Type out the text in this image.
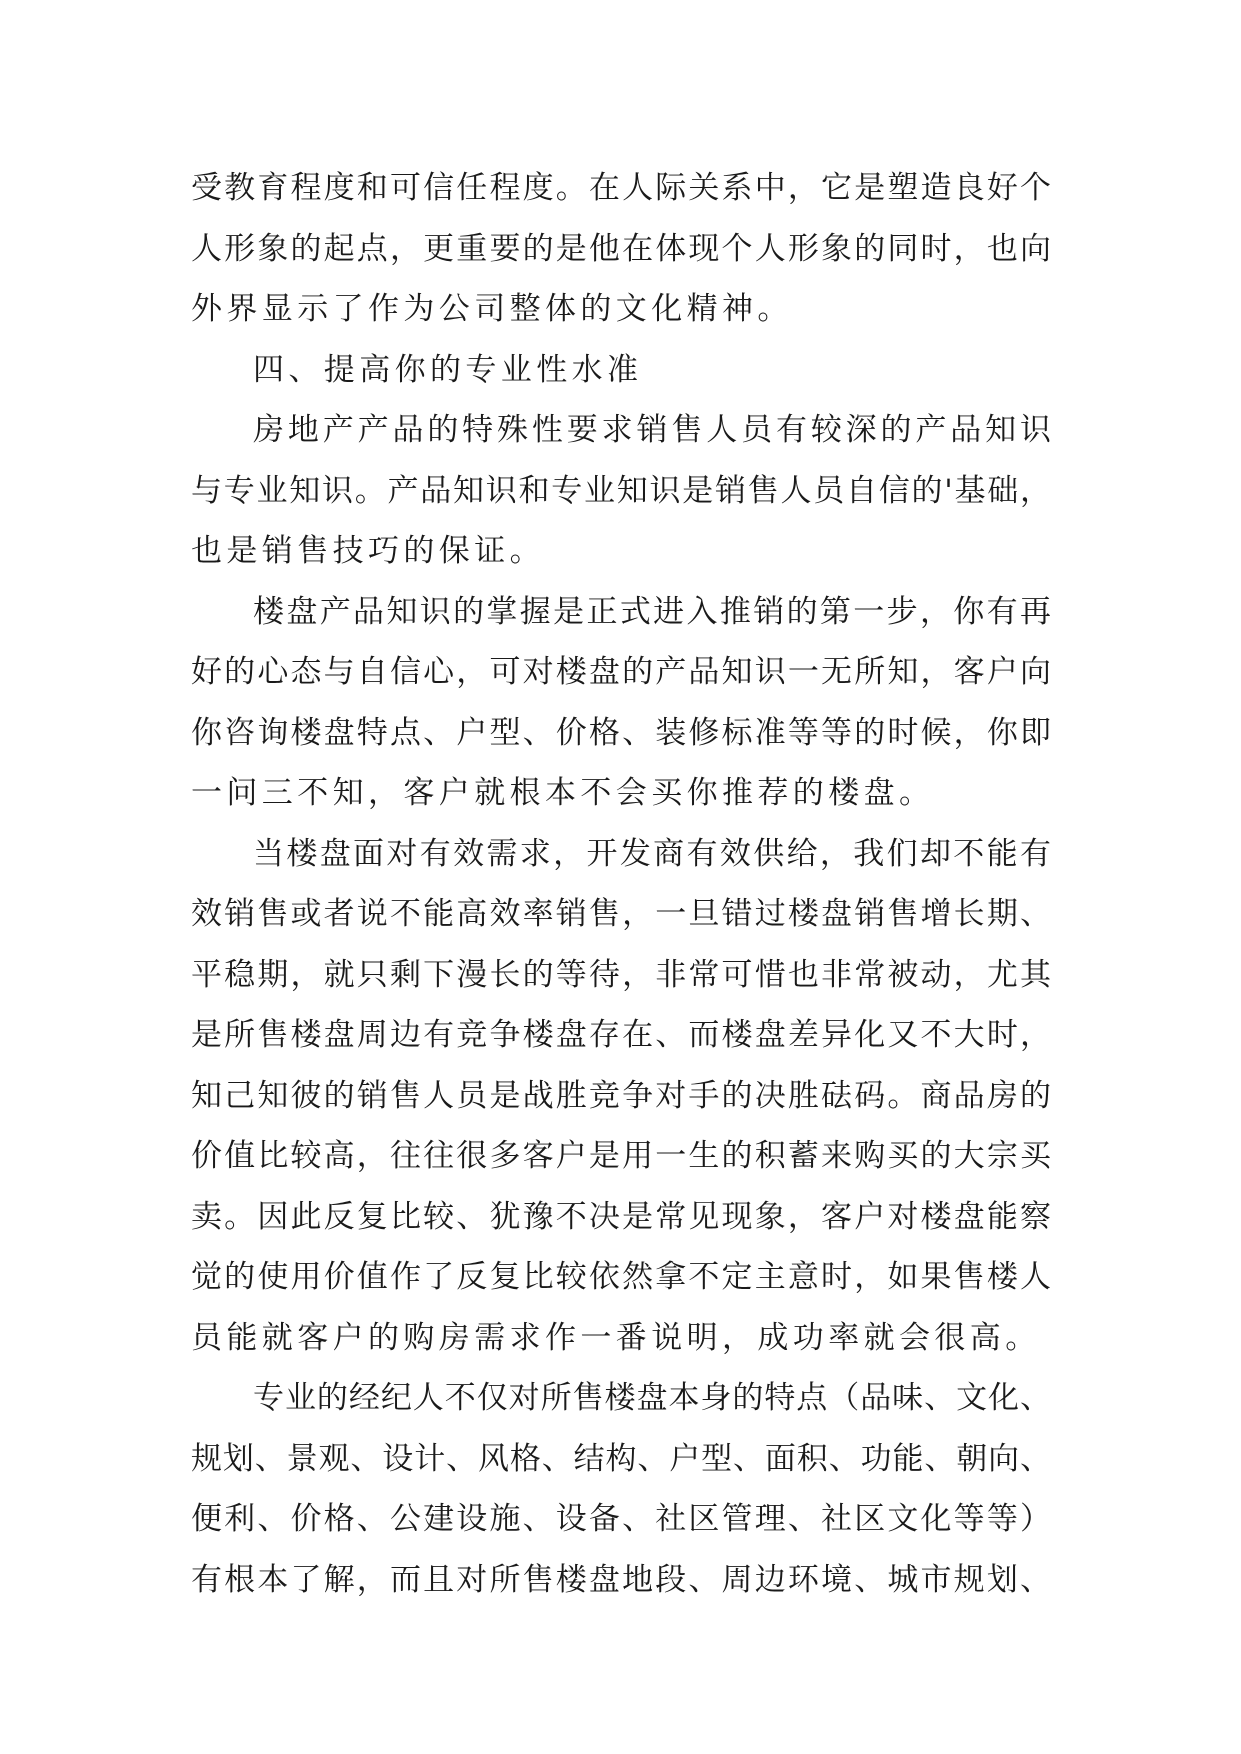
受教育程度和可信任程度。在人际关系中，它是塑造良好个
人形象的起点，更重要的是他在体现个人形象的同时，也向
外界显示了作为公司整体的文化精神。
四、提高你的专业性水准
房地产产品的特殊性要求销售人员有较深的产品知识
与专业知识。产品知识和专业知识是销售人员自信的'基础，
也是销售技巧的保证。
楼盘产品知识的掌握是正式进入推销的第一步，你有再
好的心态与自信心，可对楼盘的产品知识一无所知，客户向
你咨询楼盘特点、户型、价格、装修标准等等的时候，你即
一问三不知，客户就根本不会买你推荐的楼盘。
当楼盘面对有效需求，开发商有效供给，我们却不能有
效销售或者说不能高效率销售，一旦错过楼盘销售增长期、
平稳期，就只剩下漫长的等待，非常可惜也非常被动，尤其
是所售楼盘周边有竞争楼盘存在、而楼盘差异化又不大时，
知己知彼的销售人员是战胜竞争对手的决胜砝码。商品房的
价值比较高，往往很多客户是用一生的积蓄来购买的大宗买
卖。因此反复比较、犹豫不决是常见现象，客户对楼盘能察
觉的使用价值作了反复比较依然拿不定主意时，如果售楼人
员能就客户的购房需求作一番说明，成功率就会很高。
专业的经纪人不仅对所售楼盘本身的特点（品味、文化、
规划、景观、设计、风格、结构、户型、面积、功能、朝向、
便利、价格、公建设施、设备、社区管理、社区文化等等）
有根本了解，而且对所售楼盘地段、周边环境、城市规划、
